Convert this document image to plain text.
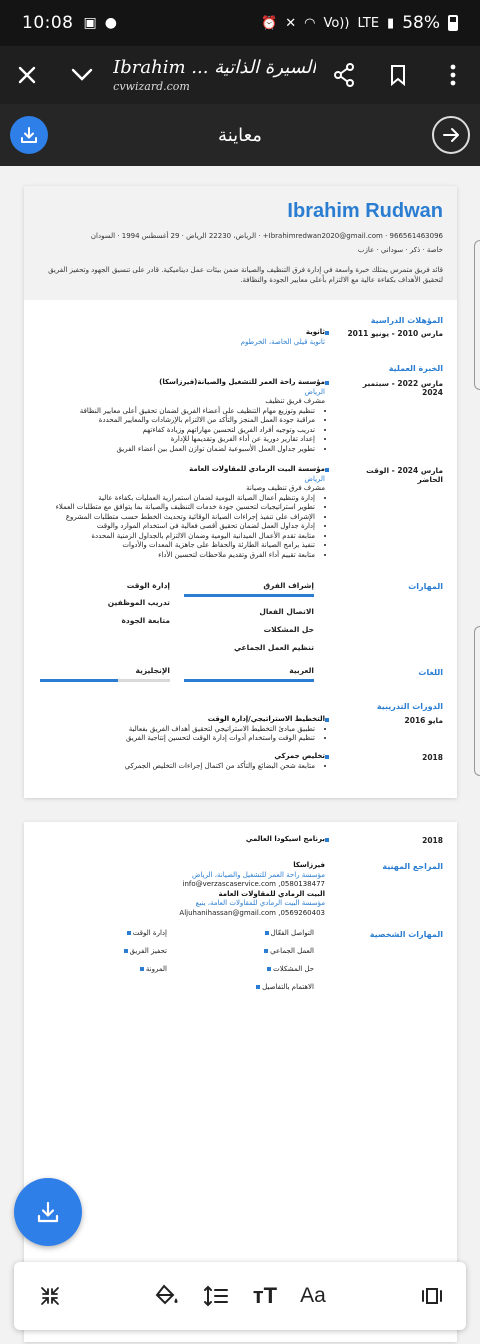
10:08 ▣ ●	⏰ ✕ ◠ Vo)) LTE ▮ 58%
Ibrahim ... السيرة الذاتية
cvwizard.com
معاينة
Ibrahim Rudwan
Ibrahimredwan2020@gmail.com · 966561463096+ · الرياض، 22230 الرياض · 29 أغسطس 1994 · السودان
خاصة · ذكر · سوداني · عازب
قائد فريق متمرس يمتلك خبرة واسعة في إدارة فرق التنظيف والصيانة ضمن بيئات عمل ديناميكية. قادر على تنسيق الجهود وتحفيز الفريق لتحقيق الأهداف بكفاءة عالية مع الالتزام بأعلى معايير الجودة والنظافة.
المؤهلات الدراسية
مارس 2010 - يونيو 2011
ثانوية
ثانوية قيلي الخاصة، الخرطوم
الخبرة العملية
مارس 2022 - سبتمبر 2024
مؤسسة راحة العمر للتشغيل والصيانة(فيرزاسكا)
الرياض
مشرف فريق تنظيف
• تنظيم وتوزيع مهام التنظيف على أعضاء الفريق لضمان تحقيق أعلى معايير النظافة
• مراقبة جودة العمل المنجز والتأكد من الالتزام بالإرشادات والمعايير المحددة
• تدريب وتوجيه أفراد الفريق لتحسين مهاراتهم وزيادة كفاءتهم
• إعداد تقارير دورية عن أداء الفريق وتقديمها للإدارة
• تطوير جداول العمل الأسبوعية لضمان توازن العمل بين أعضاء الفريق
مارس 2024 - الوقت الحاضر
مؤسسة البيت الرمادي للمقاولات العامة
الرياض
مشرف فرق تنظيف وصيانة
• إدارة وتنظيم أعمال الصيانة اليومية لضمان استمرارية العمليات بكفاءة عالية
• تطوير استراتيجيات لتحسين جودة خدمات التنظيف والصيانة بما يتوافق مع متطلبات العملاء
• الإشراف على تنفيذ إجراءات الصيانة الوقائية وتحديث الخطط حسب متطلبات المشروع
• إدارة جداول العمل لضمان تحقيق أقصى فعالية في استخدام الموارد والوقت
• متابعة تقدم الأعمال الميدانية اليومية وضمان الالتزام بالجداول الزمنية المحددة
• تنفيذ برامج الصيانة الطارئة والحفاظ على جاهزية المعدات والأدوات
• متابعة تقييم أداء الفرق وتقديم ملاحظات لتحسين الأداء
المهارات
إشراف الفرق
الاتصال الفعال
حل المشكلات
تنظيم العمل الجماعي
إدارة الوقت
تدريب الموظفين
متابعة الجودة
اللغات
العربية
الإنجليزية
الدورات التدريبية
مايو 2016
التخطيط الاستراتيجي/إدارة الوقت
• تطبيق مبادئ التخطيط الاستراتيجي لتحقيق أهداف الفريق بفعالية
• تنظيم الوقت واستخدام أدوات إدارة الوقت لتحسين إنتاجية الفريق
2018
تخليص جمركي
• متابعة شحن البضائع والتأكد من اكتمال إجراءات التخليص الجمركي
2018
برنامج اسيكودا العالمي
المراجع المهنية
فيرزاسكا
مؤسسة راحة العمر للتشغيل والصيانة، الرياض
0580138477, info@verzascaservice.com
البيت الرمادي للمقاولات العامة
مؤسسة البيت الرمادي للمقاولات العامة، ينبع
0569260403, Aljuhanihassan@gmail.com
المهارات الشخصية
التواصل الفعّال
العمل الجماعي
حل المشكلات
الاهتمام بالتفاصيل
إدارة الوقت
تحفيز الفريق
المرونة
тT Aa
